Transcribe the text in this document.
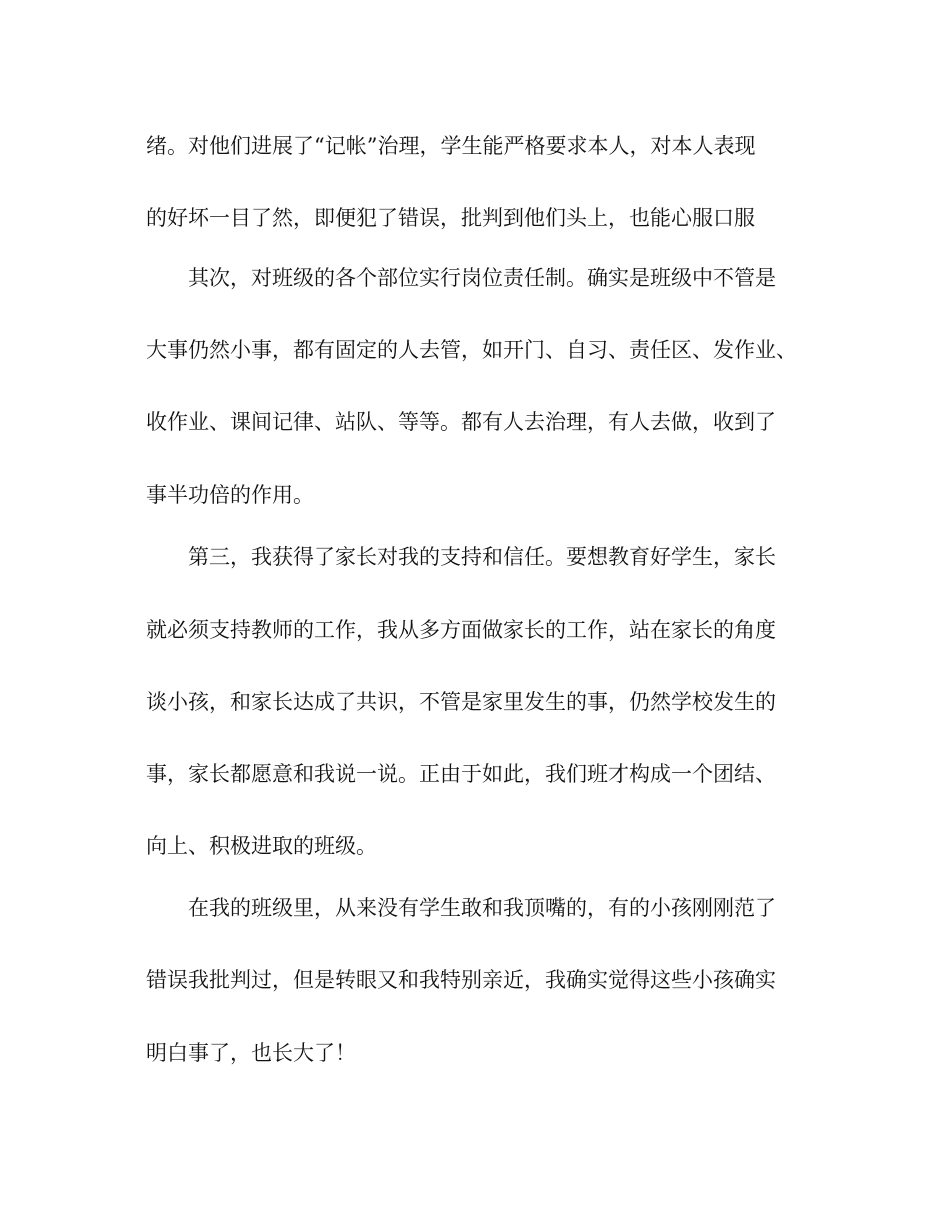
绪。对他们进展了“记帐”治理，学生能严格要求本人，对本人表现
的好坏一目了然，即便犯了错误，批判到他们头上，也能心服口服
其次，对班级的各个部位实行岗位责任制。确实是班级中不管是
大事仍然小事，都有固定的人去管，如开门、自习、责任区、发作业、
收作业、课间记律、站队、等等。都有人去治理，有人去做，收到了
事半功倍的作用。
第三，我获得了家长对我的支持和信任。要想教育好学生，家长
就必须支持教师的工作，我从多方面做家长的工作，站在家长的角度
谈小孩，和家长达成了共识，不管是家里发生的事，仍然学校发生的
事，家长都愿意和我说一说。正由于如此，我们班才构成一个团结、
向上、积极进取的班级。
在我的班级里，从来没有学生敢和我顶嘴的，有的小孩刚刚范了
错误我批判过，但是转眼又和我特别亲近，我确实觉得这些小孩确实
明白事了，也长大了！
